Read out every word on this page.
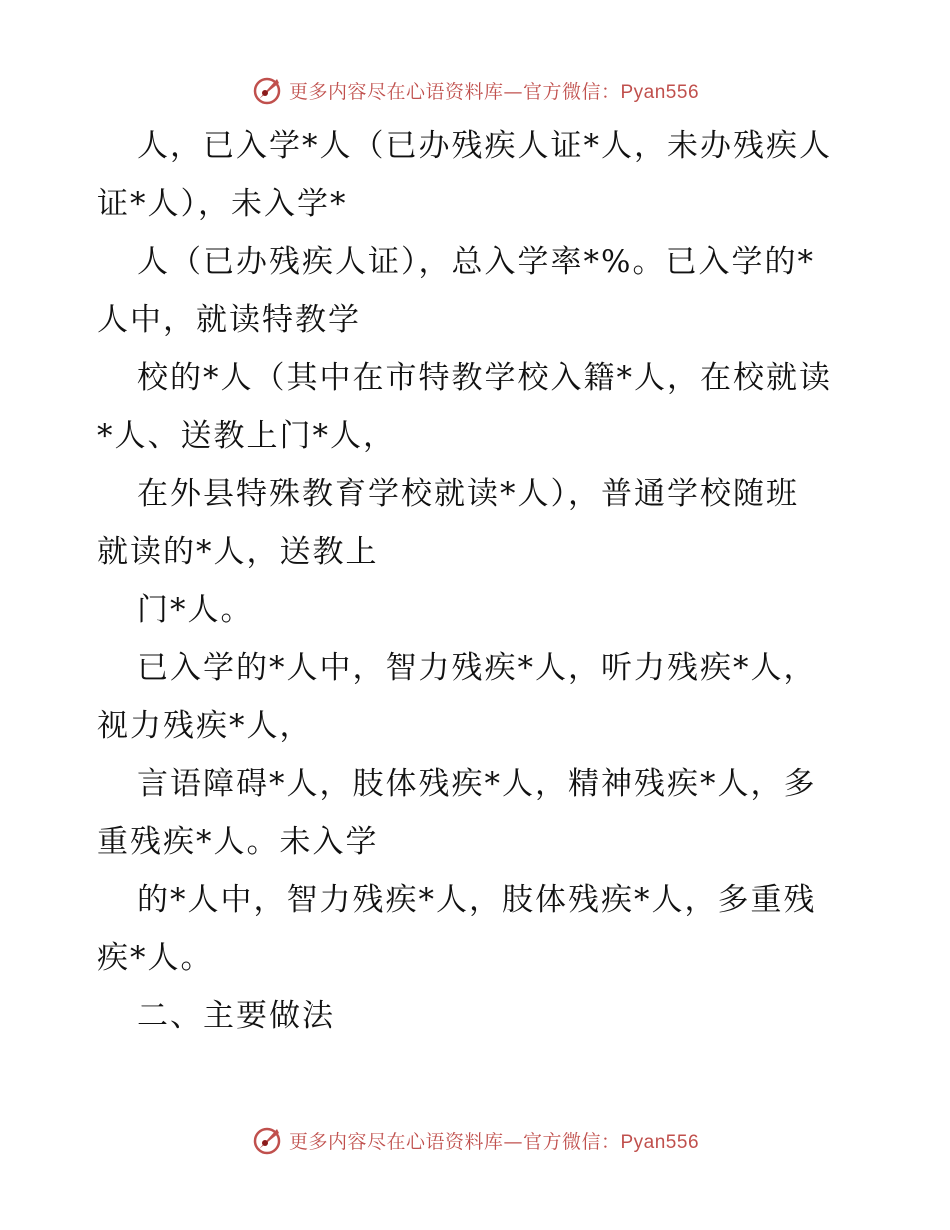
更多内容尽在心语资料库—官方微信：Pyan556
人，已入学*人（已办残疾人证*人，未办残疾人
证*人），未入学*
人（已办残疾人证），总入学率*%。已入学的*
人中，就读特教学
校的*人（其中在市特教学校入籍*人，在校就读
*人、送教上门*人，
在外县特殊教育学校就读*人），普通学校随班
就读的*人，送教上
门*人。
已入学的*人中，智力残疾*人，听力残疾*人，
视力残疾*人，
言语障碍*人，肢体残疾*人，精神残疾*人，多
重残疾*人。未入学
的*人中，智力残疾*人，肢体残疾*人，多重残
疾*人。
二、主要做法
更多内容尽在心语资料库—官方微信：Pyan556
